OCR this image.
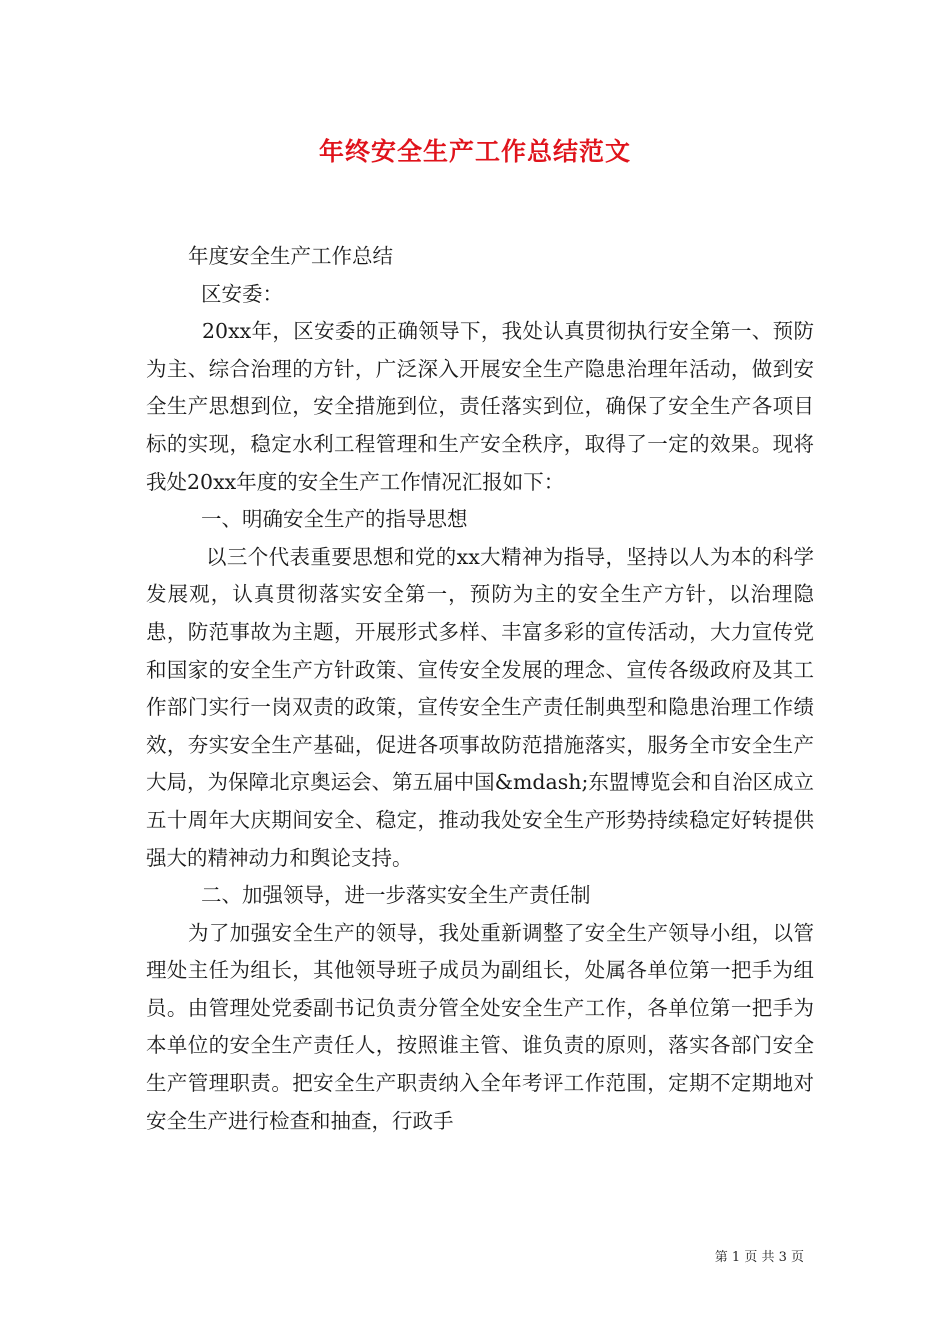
年终安全生产工作总结范文

年度安全生产工作总结

区安委：

20xx年，区安委的正确领导下，我处认真贯彻执行安全第一、预防为主、综合治理的方针，广泛深入开展安全生产隐患治理年活动，做到安全生产思想到位，安全措施到位，责任落实到位，确保了安全生产各项目标的实现，稳定水利工程管理和生产安全秩序，取得了一定的效果。现将我处20xx年度的安全生产工作情况汇报如下：

一、明确安全生产的指导思想

以三个代表重要思想和党的xx大精神为指导，坚持以人为本的科学发展观，认真贯彻落实安全第一，预防为主的安全生产方针，以治理隐患，防范事故为主题，开展形式多样、丰富多彩的宣传活动，大力宣传党和国家的安全生产方针政策、宣传安全发展的理念、宣传各级政府及其工作部门实行一岗双责的政策，宣传安全生产责任制典型和隐患治理工作绩效，夯实安全生产基础，促进各项事故防范措施落实，服务全市安全生产大局，为保障北京奥运会、第五届中国&mdash;东盟博览会和自治区成立五十周年大庆期间安全、稳定，推动我处安全生产形势持续稳定好转提供强大的精神动力和舆论支持。

二、加强领导，进一步落实安全生产责任制

为了加强安全生产的领导，我处重新调整了安全生产领导小组，以管理处主任为组长，其他领导班子成员为副组长，处属各单位第一把手为组员。由管理处党委副书记负责分管全处安全生产工作，各单位第一把手为本单位的安全生产责任人，按照谁主管、谁负责的原则，落实各部门安全生产管理职责。把安全生产职责纳入全年考评工作范围，定期不定期地对安全生产进行检查和抽查，行政手

第 1 页 共 3 页
